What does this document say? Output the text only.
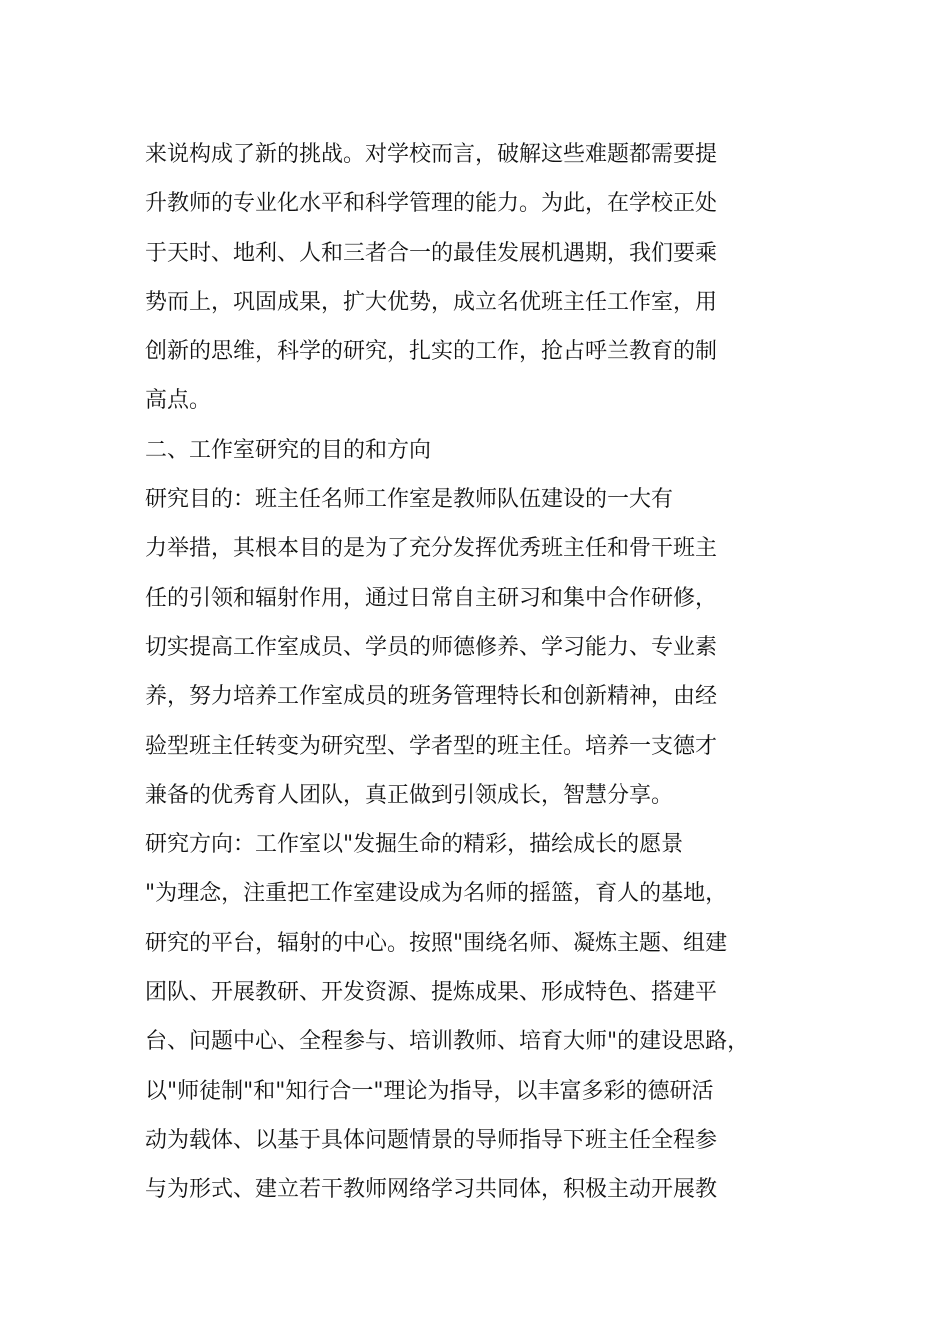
来说构成了新的挑战。对学校而言，破解这些难题都需要提
升教师的专业化水平和科学管理的能力。为此，在学校正处
于天时、地利、人和三者合一的最佳发展机遇期，我们要乘
势而上，巩固成果，扩大优势，成立名优班主任工作室，用
创新的思维，科学的研究，扎实的工作，抢占呼兰教育的制
高点。
二、工作室研究的目的和方向
研究目的：班主任名师工作室是教师队伍建设的一大有
力举措，其根本目的是为了充分发挥优秀班主任和骨干班主
任的引领和辐射作用，通过日常自主研习和集中合作研修，
切实提高工作室成员、学员的师德修养、学习能力、专业素
养，努力培养工作室成员的班务管理特长和创新精神，由经
验型班主任转变为研究型、学者型的班主任。培养一支德才
兼备的优秀育人团队，真正做到引领成长，智慧分享。
研究方向：工作室以"发掘生命的精彩，描绘成长的愿景
"为理念，注重把工作室建设成为名师的摇篮，育人的基地，
研究的平台，辐射的中心。按照"围绕名师、凝炼主题、组建
团队、开展教研、开发资源、提炼成果、形成特色、搭建平
台、问题中心、全程参与、培训教师、培育大师"的建设思路，
以"师徒制"和"知行合一"理论为指导，以丰富多彩的德研活
动为载体、以基于具体问题情景的导师指导下班主任全程参
与为形式、建立若干教师网络学习共同体，积极主动开展教
